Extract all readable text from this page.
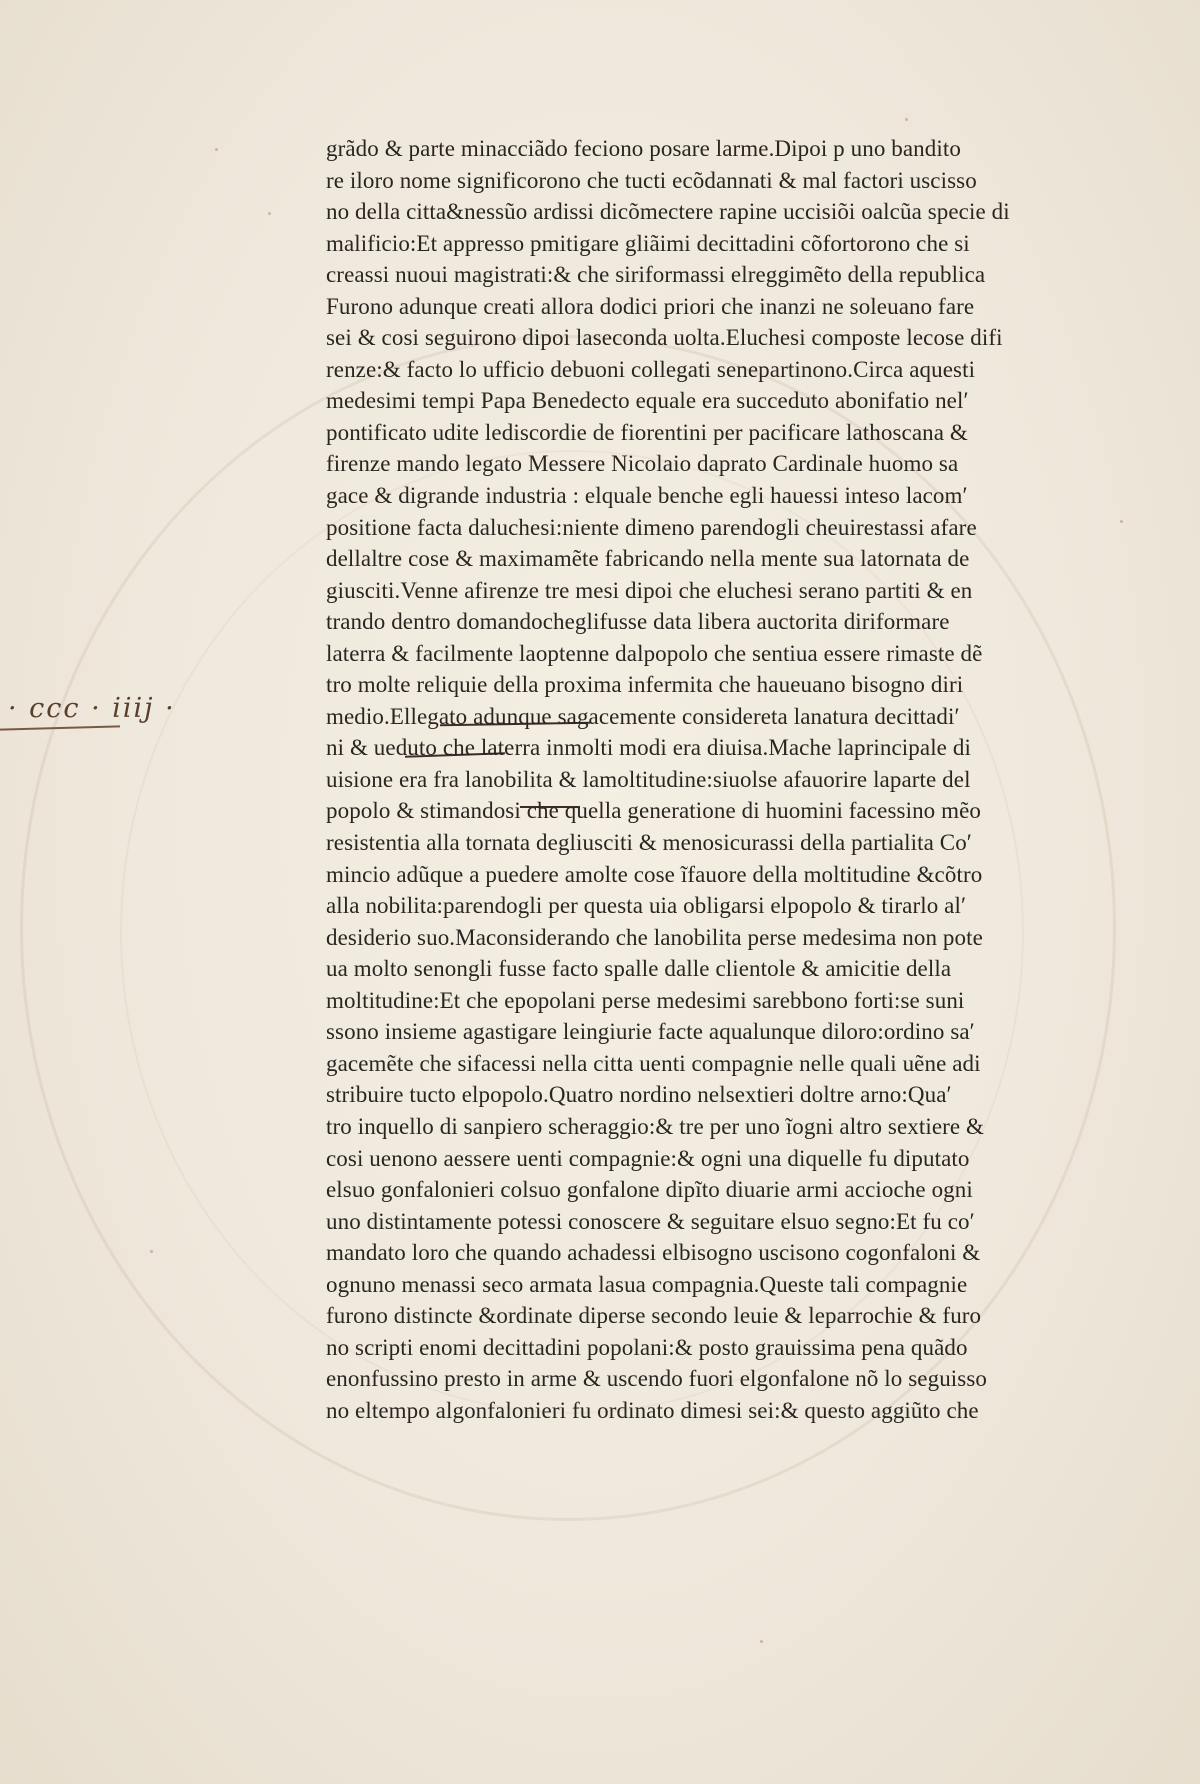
· ccc · iiij ·
grãdo & parte minacciãdo feciono posare larme.Dipoi p uno bandito
re iloro nome significorono che tucti ecõdannati & mal factori uscisso
no della citta&nessũo ardissi dicõmectere rapine uccisiõi oalcũa specie di
malificio:Et appresso pmitigare gliãimi decittadini cõfortorono che si
creassi nuoui magistrati:& che siriformassi elreggimẽto della republica
Furono adunque creati allora dodici priori che inanzi ne soleuano fare
sei & cosi seguirono dipoi laseconda uolta.Eluchesi composte lecose difi
renze:& facto lo ufficio debuoni collegati senepartinono.Circa aquesti
medesimi tempi Papa Benedecto equale era succeduto abonifatio nel′
pontificato udite lediscordie de fiorentini per pacificare lathoscana &
firenze mando legato Messere Nicolaio daprato Cardinale huomo sa
gace & digrande industria : elquale benche egli hauessi inteso lacom′
positione facta daluchesi:niente dimeno parendogli cheuirestassi afare
dellaltre cose & maximamẽte fabricando nella mente sua latornata de
giusciti.Venne afirenze tre mesi dipoi che eluchesi serano partiti & en
trando dentro domandocheglifusse data libera auctorita diriformare
laterra & facilmente laoptenne dalpopolo che sentiua essere rimaste dẽ
tro molte reliquie della proxima infermita che haueuano bisogno diri
medio.Ellegato adunque sagacemente considereta lanatura decittadi′
ni & ueduto che laterra inmolti modi era diuisa.Mache laprincipale di
uisione era fra lanobilita & lamoltitudine:siuolse afauorire laparte del
popolo & stimandosi che quella generatione di huomini facessino mẽo
resistentia alla tornata degliusciti & menosicurassi della partialita Co′
mincio adũque a puedere amolte cose ĩfauore della moltitudine &cõtro
alla nobilita:parendogli per questa uia obligarsi elpopolo & tirarlo al′
desiderio suo.Maconsiderando che lanobilita perse medesima non pote
ua molto senongli fusse facto spalle dalle clientole & amicitie della
moltitudine:Et che epopolani perse medesimi sarebbono forti:se suni
ssono insieme agastigare leingiurie facte aqualunque diloro:ordino sa′
gacemẽte che sifacessi nella citta uenti compagnie nelle quali uẽne adi
stribuire tucto elpopolo.Quatro nordino nelsextieri doltre arno:Qua′
tro inquello di sanpiero scheraggio:& tre per uno ĩogni altro sextiere &
cosi uenono aessere uenti compagnie:& ogni una diquelle fu diputato
elsuo gonfalonieri colsuo gonfalone dipĩto diuarie armi accioche ogni
uno distintamente potessi conoscere & seguitare elsuo segno:Et fu co′
mandato loro che quando achadessi elbisogno uscisono cogonfaloni &
ognuno menassi seco armata lasua compagnia.Queste tali compagnie
furono distincte &ordinate diperse secondo leuie & leparrochie & furo
no scripti enomi decittadini popolani:& posto grauissima pena quãdo
enonfussino presto in arme & uscendo fuori elgonfalone nõ lo seguisso
no eltempo algonfalonieri fu ordinato dimesi sei:& questo aggiũto che
